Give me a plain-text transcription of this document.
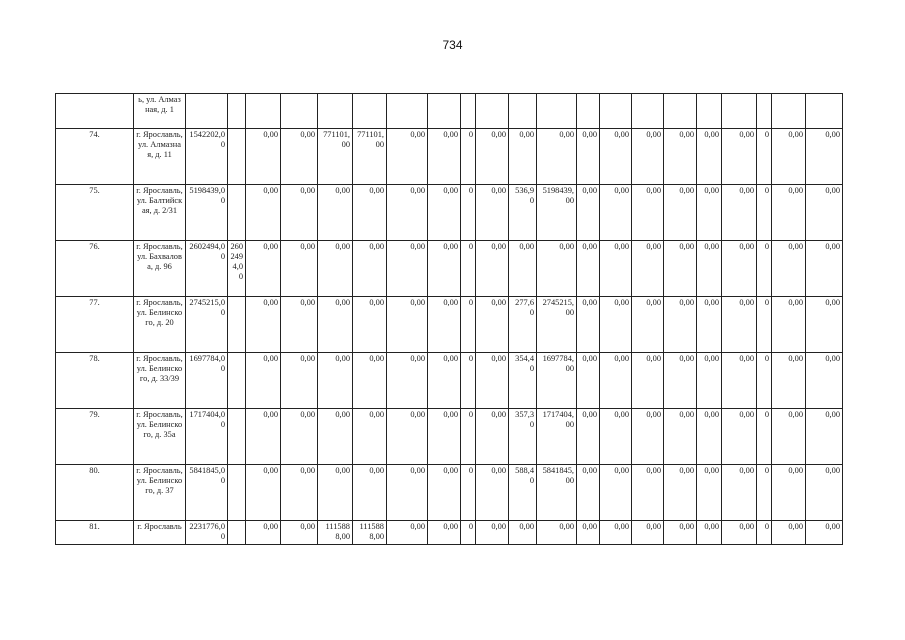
734
	ь, ул. Алмазная, д. 1																					
74.	г. Ярославль, ул. Алмазная, д. 11	1542202,00		0,00	0,00	771101,00	771101,00	0,00	0,00	0	0,00	0,00	0,00	0,00	0,00	0,00	0,00	0,00	0,00	0	0,00	0,00
75.	г. Ярославль, ул. Балтийская, д. 2/31	5198439,00		0,00	0,00	0,00	0,00	0,00	0,00	0	0,00	536,90	5198439,00	0,00	0,00	0,00	0,00	0,00	0,00	0	0,00	0,00
76.	г. Ярославль, ул. Бахвалова, д. 96	2602494,00	2602494,00	0,00	0,00	0,00	0,00	0,00	0,00	0	0,00	0,00	0,00	0,00	0,00	0,00	0,00	0,00	0,00	0	0,00	0,00
77.	г. Ярославль, ул. Белинского, д. 20	2745215,00		0,00	0,00	0,00	0,00	0,00	0,00	0	0,00	277,60	2745215,00	0,00	0,00	0,00	0,00	0,00	0,00	0	0,00	0,00
78.	г. Ярославль, ул. Белинского, д. 33/39	1697784,00		0,00	0,00	0,00	0,00	0,00	0,00	0	0,00	354,40	1697784,00	0,00	0,00	0,00	0,00	0,00	0,00	0	0,00	0,00
79.	г. Ярославль, ул. Белинского, д. 35а	1717404,00		0,00	0,00	0,00	0,00	0,00	0,00	0	0,00	357,30	1717404,00	0,00	0,00	0,00	0,00	0,00	0,00	0	0,00	0,00
80.	г. Ярославль, ул. Белинского, д. 37	5841845,00		0,00	0,00	0,00	0,00	0,00	0,00	0	0,00	588,40	5841845,00	0,00	0,00	0,00	0,00	0,00	0,00	0	0,00	0,00
81.	г. Ярославль	2231776,00		0,00	0,00	1115888,00	1115888,00	0,00	0,00	0	0,00	0,00	0,00	0,00	0,00	0,00	0,00	0,00	0,00	0	0,00	0,00
